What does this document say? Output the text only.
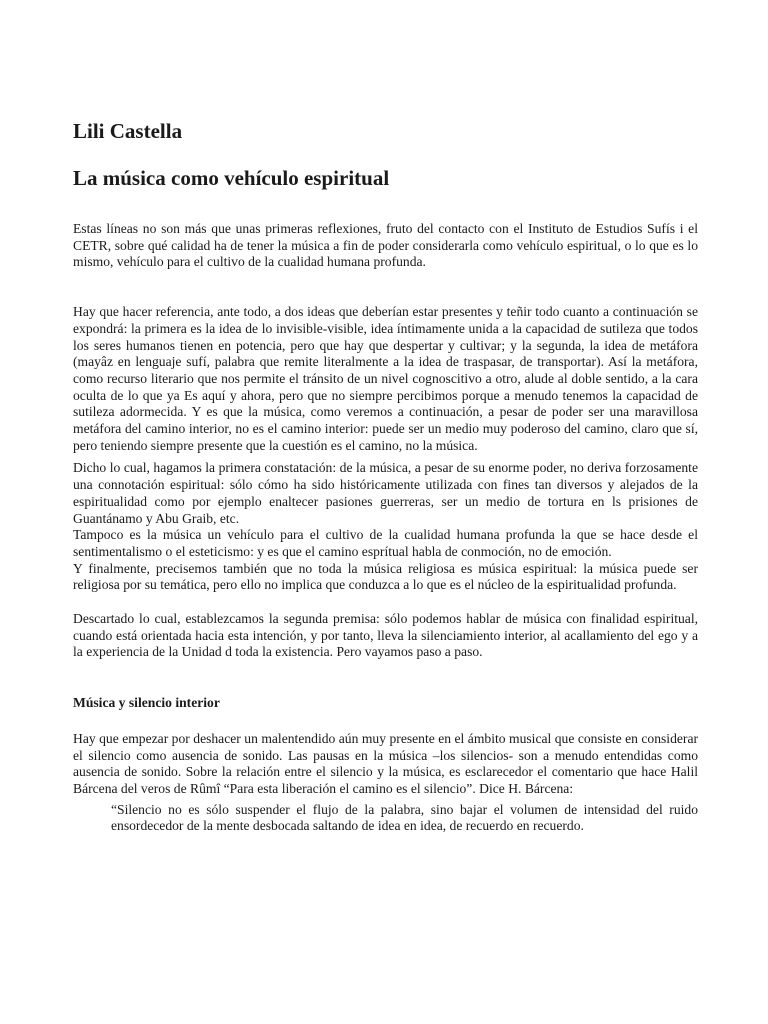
Lili Castella
La música como vehículo espiritual

Estas líneas no son más que unas primeras reflexiones, fruto del contacto con el Instituto de Estudios Sufís i el CETR, sobre qué calidad ha de tener la música a fin de poder considerarla como vehículo espiritual, o lo que es lo mismo, vehículo para el cultivo de la cualidad humana profunda.

Hay que hacer referencia, ante todo, a dos ideas que deberían estar presentes y teñir todo cuanto a continuación se expondrá: la primera es la idea de lo invisible-visible, idea íntimamente unida a la capacidad de sutileza que todos los seres humanos tienen en potencia, pero que hay que despertar y cultivar; y la segunda, la idea de metáfora (mayâz en lenguaje sufí, palabra que remite literalmente a la idea de traspasar, de transportar). Así la metáfora, como recurso literario que nos permite el tránsito de un nivel cognoscitivo a otro, alude al doble sentido, a la cara oculta de lo que ya Es aquí y ahora, pero que no siempre percibimos porque a menudo tenemos la capacidad de sutileza adormecida. Y es que la música, como veremos a continuación, a pesar de poder ser una maravillosa metáfora del camino interior, no es el camino interior: puede ser un medio muy poderoso del camino, claro que sí, pero teniendo siempre presente que la cuestión es el camino, no la música.

Dicho lo cual, hagamos la primera constatación: de la música, a pesar de su enorme poder, no deriva forzosamente una connotación espiritual: sólo cómo ha sido históricamente utilizada con fines tan diversos y alejados de la espiritualidad como por ejemplo enaltecer pasiones guerreras, ser un medio de tortura en ls prisiones de Guantánamo y Abu Graib, etc.

Tampoco es la música un vehículo para el cultivo de la cualidad humana profunda la que se hace desde el sentimentalismo o el esteticismo: y es que el camino esprítual habla de conmoción, no de emoción.

Y finalmente, precisemos también que no toda la música religiosa es música espiritual: la música puede ser religiosa por su temática, pero ello no implica que conduzca a lo que es el núcleo de la espiritualidad profunda.

Descartado lo cual, establezcamos la segunda premisa: sólo podemos hablar de música con finalidad espiritual, cuando está orientada hacia esta intención, y por tanto, lleva la silenciamiento interior, al acallamiento del ego y a la experiencia de la Unidad d toda la existencia. Pero vayamos paso a paso.

Música y silencio interior

Hay que empezar por deshacer un malentendido aún muy presente en el ámbito musical que consiste en considerar el silencio como ausencia de sonido. Las pausas en la música –los silencios- son a menudo entendidas como ausencia de sonido. Sobre la relación entre el silencio y la música, es esclarecedor el comentario que hace Halil Bárcena del veros de Rûmî “Para esta liberación el camino es el silencio”. Dice H. Bárcena:

“Silencio no es sólo suspender el flujo de la palabra, sino bajar el volumen de intensidad del ruido ensordecedor de la mente desbocada saltando de idea en idea, de recuerdo en recuerdo.
